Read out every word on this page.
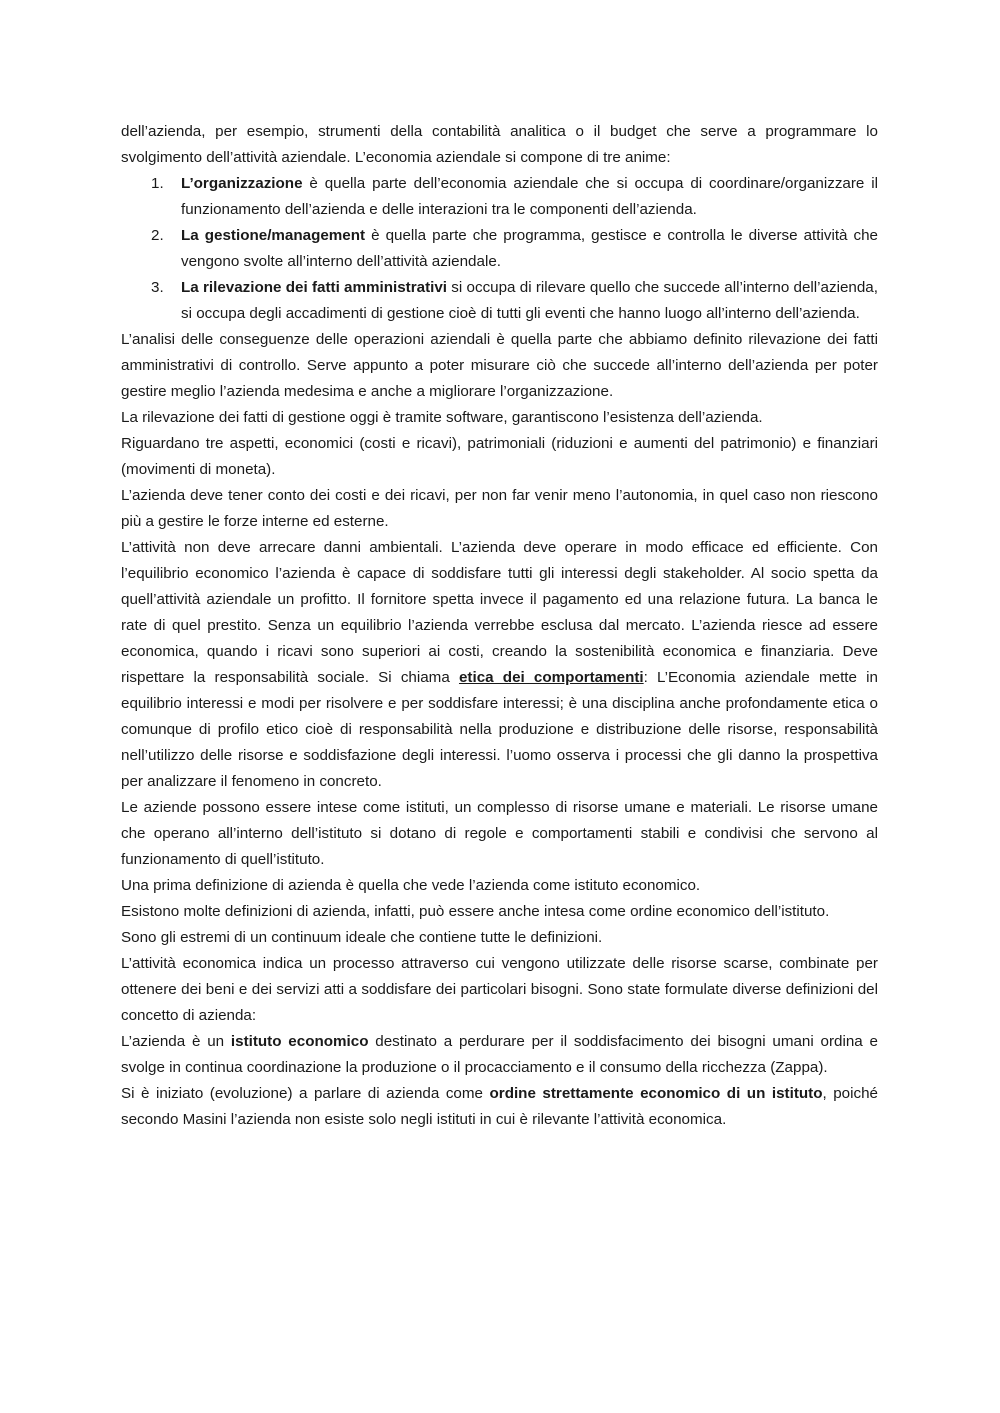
dell’azienda, per esempio, strumenti della contabilità analitica o il budget che serve a programmare lo svolgimento dell’attività aziendale. L’economia aziendale si compone di tre anime:

1. L’organizzazione è quella parte dell’economia aziendale che si occupa di coordinare/organizzare il funzionamento dell’azienda e delle interazioni tra le componenti dell’azienda.
2. La gestione/management è quella parte che programma, gestisce e controlla le diverse attività che vengono svolte all’interno dell’attività aziendale.
3. La rilevazione dei fatti amministrativi si occupa di rilevare quello che succede all’interno dell’azienda, si occupa degli accadimenti di gestione cioè di tutti gli eventi che hanno luogo all’interno dell’azienda.

L’analisi delle conseguenze delle operazioni aziendali è quella parte che abbiamo definito rilevazione dei fatti amministrativi di controllo. Serve appunto a poter misurare ciò che succede all’interno dell’azienda per poter gestire meglio l’azienda medesima e anche a migliorare l’organizzazione.

La rilevazione dei fatti di gestione oggi è tramite software, garantiscono l’esistenza dell’azienda.

Riguardano tre aspetti, economici (costi e ricavi), patrimoniali (riduzioni e aumenti del patrimonio) e finanziari (movimenti di moneta).

L’azienda deve tener conto dei costi e dei ricavi, per non far venir meno l’autonomia, in quel caso non riescono più a gestire le forze interne ed esterne.

L’attività non deve arrecare danni ambientali. L’azienda deve operare in modo efficace ed efficiente. Con l’equilibrio economico l’azienda è capace di soddisfare tutti gli interessi degli stakeholder. Al socio spetta da quell’attività aziendale un profitto. Il fornitore spetta invece il pagamento ed una relazione futura. La banca le rate di quel prestito. Senza un equilibrio l’azienda verrebbe esclusa dal mercato. L’azienda riesce ad essere economica, quando i ricavi sono superiori ai costi, creando la sostenibilità economica e finanziaria. Deve rispettare la responsabilità sociale. Si chiama etica dei comportamenti: L’Economia aziendale mette in equilibrio interessi e modi per risolvere e per soddisfare interessi; è una disciplina anche profondamente etica o comunque di profilo etico cioè di responsabilità nella produzione e distribuzione delle risorse, responsabilità nell’utilizzo delle risorse e soddisfazione degli interessi. l’uomo osserva i processi che gli danno la prospettiva per analizzare il fenomeno in concreto.

Le aziende possono essere intese come istituti, un complesso di risorse umane e materiali. Le risorse umane che operano all’interno dell’istituto si dotano di regole e comportamenti stabili e condivisi che servono al funzionamento di quell’istituto.

Una prima definizione di azienda è quella che vede l’azienda come istituto economico.

Esistono molte definizioni di azienda, infatti, può essere anche intesa come ordine economico dell’istituto.

Sono gli estremi di un continuum ideale che contiene tutte le definizioni.

L’attività economica indica un processo attraverso cui vengono utilizzate delle risorse scarse, combinate per ottenere dei beni e dei servizi atti a soddisfare dei particolari bisogni. Sono state formulate diverse definizioni del concetto di azienda:

L’azienda è un istituto economico destinato a perdurare per il soddisfacimento dei bisogni umani ordina e svolge in continua coordinazione la produzione o il procacciamento e il consumo della ricchezza (Zappa).

Si è iniziato (evoluzione) a parlare di azienda come ordine strettamente economico di un istituto, poiché secondo Masini l’azienda non esiste solo negli istituti in cui è rilevante l’attività economica.
